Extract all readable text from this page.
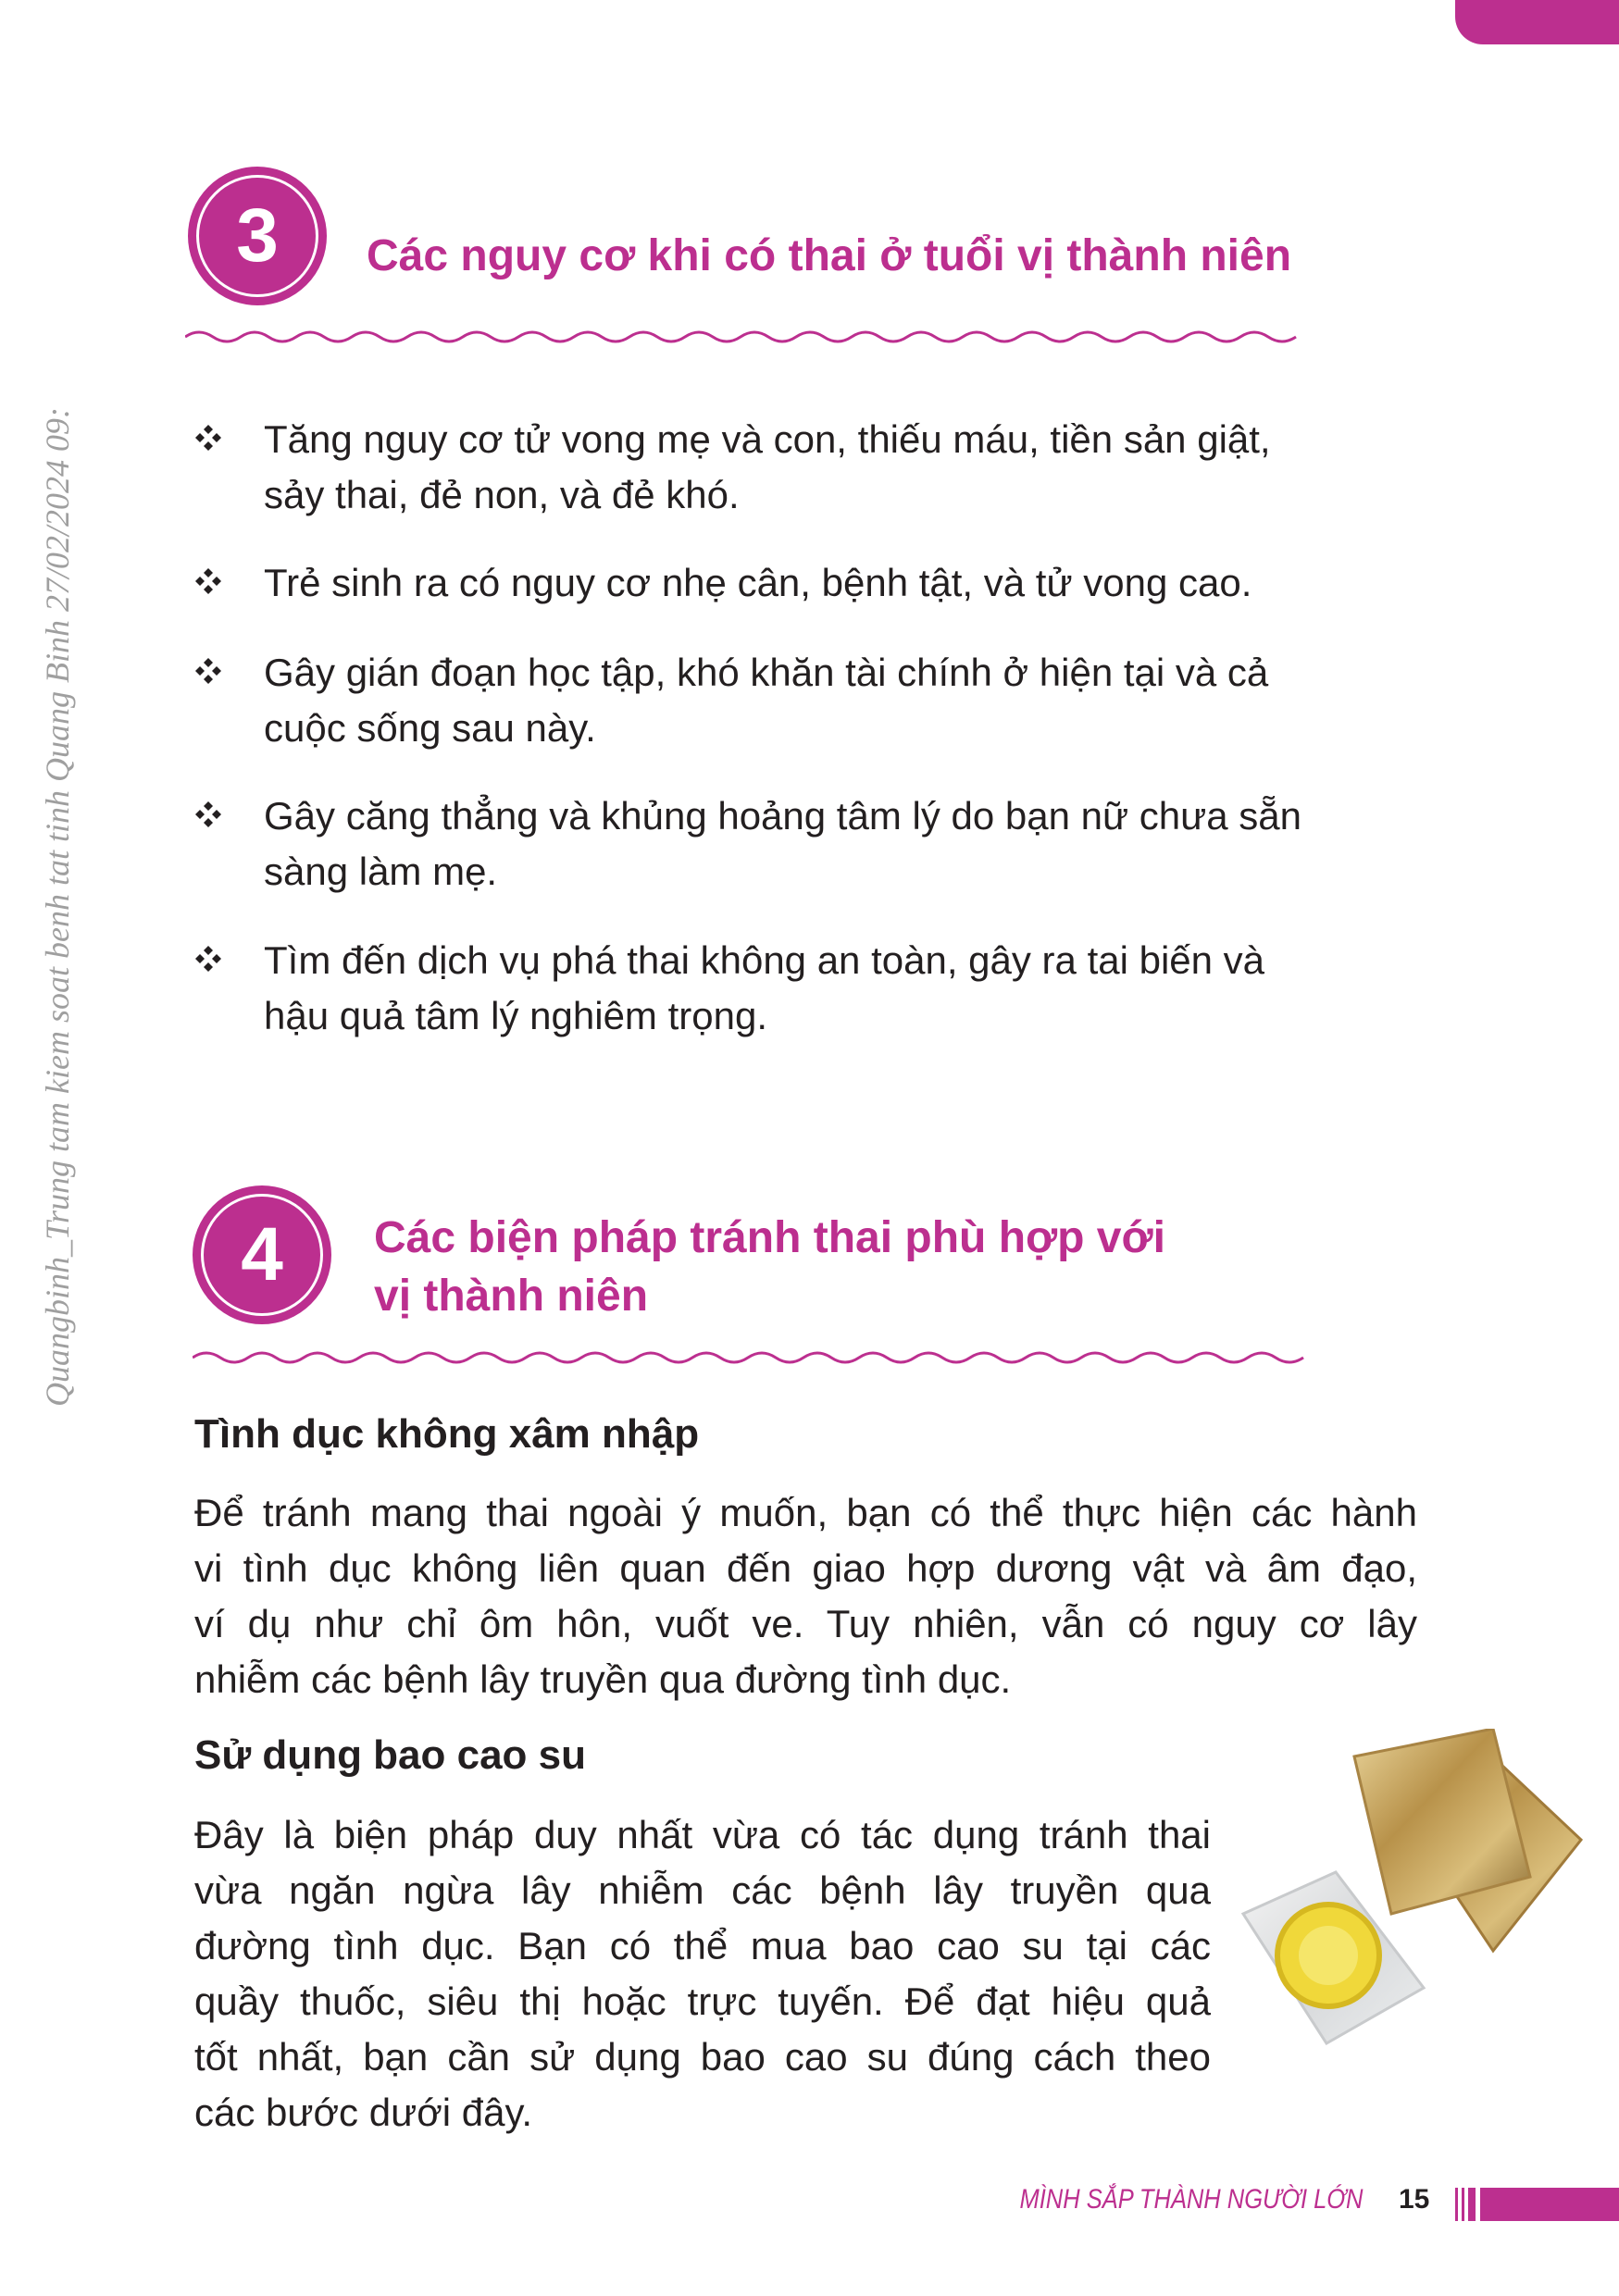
3 Các nguy cơ khi có thai ở tuổi vị thành niên
Tăng nguy cơ tử vong mẹ và con, thiếu máu, tiền sản giật,
sảy thai, đẻ non, và đẻ khó.
Trẻ sinh ra có nguy cơ nhẹ cân, bệnh tật, và tử vong cao.
Gây gián đoạn học tập, khó khăn tài chính ở hiện tại và cả
cuộc sống sau này.
Gây căng thẳng và khủng hoảng tâm lý do bạn nữ chưa sẵn
sàng làm mẹ.
Tìm đến dịch vụ phá thai không an toàn, gây ra tai biến và
hậu quả tâm lý nghiêm trọng.
4 Các biện pháp tránh thai phù hợp với
vị thành niên
Tình dục không xâm nhập
Để tránh mang thai ngoài ý muốn, bạn có thể thực hiện các hành
vi tình dục không liên quan đến giao hợp dương vật và âm đạo,
ví dụ như chỉ ôm hôn, vuốt ve. Tuy nhiên, vẫn có nguy cơ lây
nhiễm các bệnh lây truyền qua đường tình dục.
Sử dụng bao cao su
Đây là biện pháp duy nhất vừa có tác dụng tránh thai
vừa ngăn ngừa lây nhiễm các bệnh lây truyền qua
đường tình dục. Bạn có thể mua bao cao su tại các
quầy thuốc, siêu thị hoặc trực tuyến. Để đạt hiệu quả
tốt nhất, bạn cần sử dụng bao cao su đúng cách theo
các bước dưới đây.
MÌNH SẮP THÀNH NGƯỜI LỚN 15
Quangbinh_Trung tam kiem soat benh tat tinh Quang Binh 27/02/2024 09:
